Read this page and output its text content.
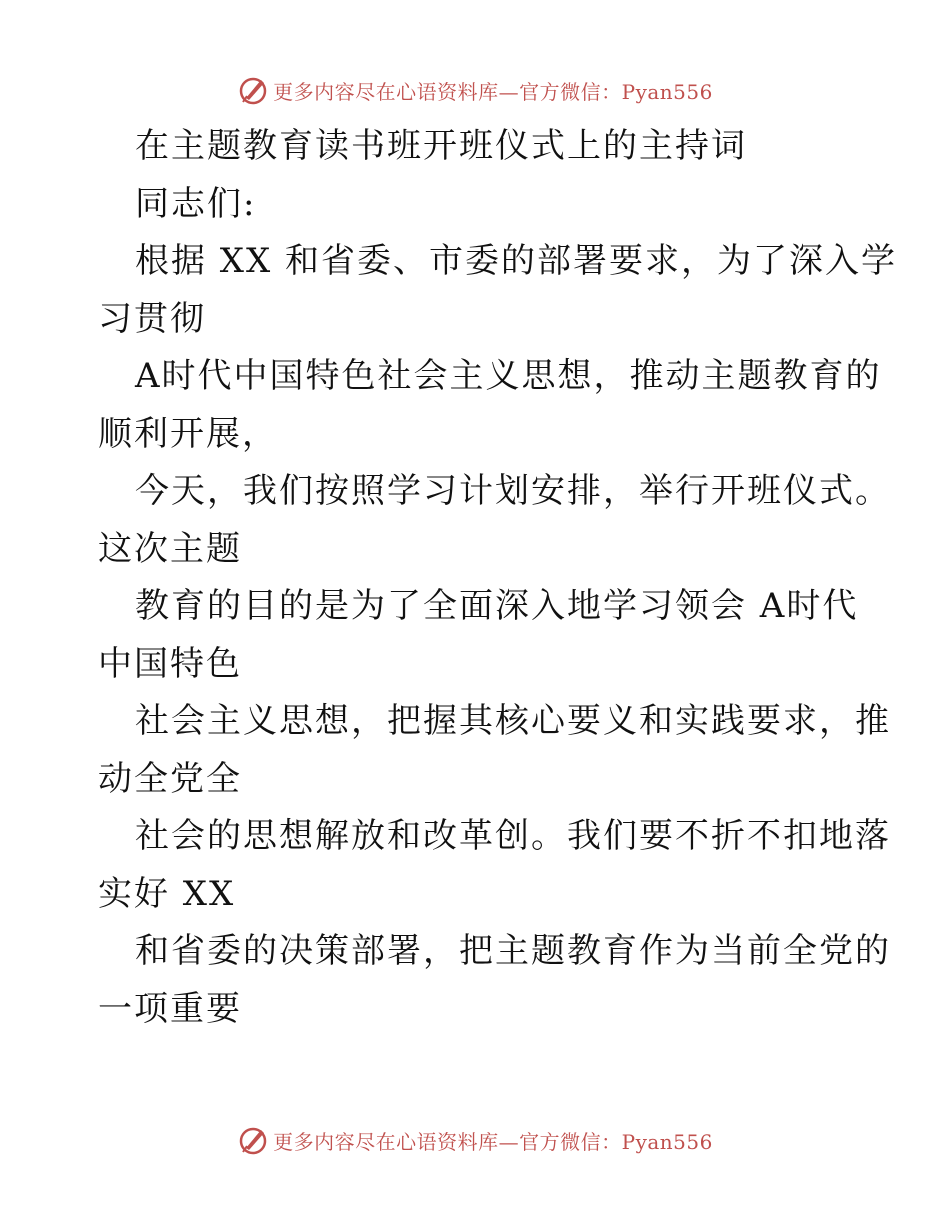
更多内容尽在心语资料库—官方微信：Pyan556
在主题教育读书班开班仪式上的主持词
同志们:
根据 XX 和省委、市委的部署要求，为了深入学
习贯彻
A时代中国特色社会主义思想，推动主题教育的
顺利开展，
今天，我们按照学习计划安排，举行开班仪式。
这次主题
教育的目的是为了全面深入地学习领会 A时代
中国特色
社会主义思想，把握其核心要义和实践要求，推
动全党全
社会的思想解放和改革创。我们要不折不扣地落
实好 XX
和省委的决策部署，把主题教育作为当前全党的
一项重要
更多内容尽在心语资料库—官方微信：Pyan556
